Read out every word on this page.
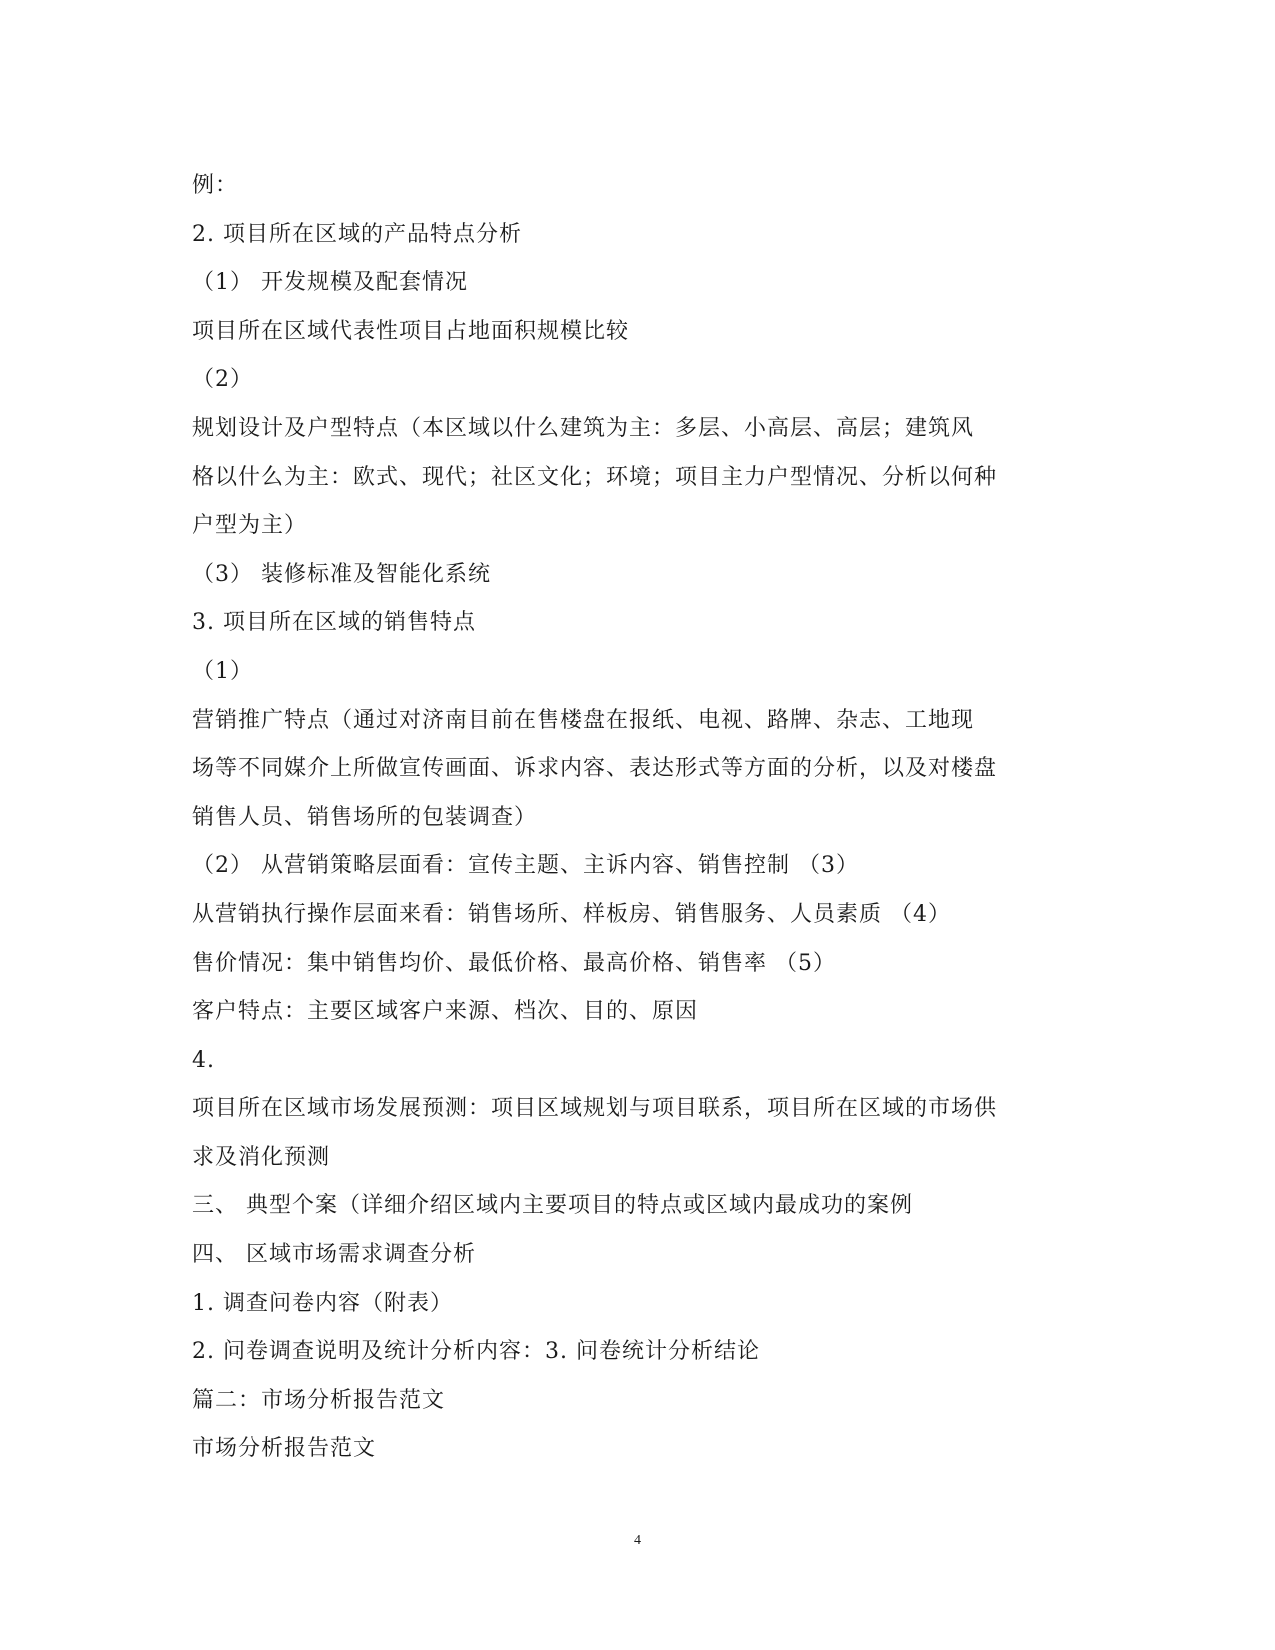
例：
2. 项目所在区域的产品特点分析
（1） 开发规模及配套情况
项目所在区域代表性项目占地面积规模比较
（2）
规划设计及户型特点（本区域以什么建筑为主：多层、小高层、高层；建筑风
格以什么为主：欧式、现代；社区文化；环境；项目主力户型情况、分析以何种
户型为主）
（3） 装修标准及智能化系统
3. 项目所在区域的销售特点
（1）
营销推广特点（通过对济南目前在售楼盘在报纸、电视、路牌、杂志、工地现
场等不同媒介上所做宣传画面、诉求内容、表达形式等方面的分析，以及对楼盘
销售人员、销售场所的包装调查）
（2） 从营销策略层面看：宣传主题、主诉内容、销售控制 （3）
从营销执行操作层面来看：销售场所、样板房、销售服务、人员素质 （4）
售价情况：集中销售均价、最低价格、最高价格、销售率 （5）
客户特点：主要区域客户来源、档次、目的、原因
4.
项目所在区域市场发展预测：项目区域规划与项目联系，项目所在区域的市场供
求及消化预测
三、 典型个案（详细介绍区域内主要项目的特点或区域内最成功的案例
四、 区域市场需求调查分析
1. 调查问卷内容（附表）
2. 问卷调查说明及统计分析内容：3. 问卷统计分析结论
篇二：市场分析报告范文
市场分析报告范文
4
